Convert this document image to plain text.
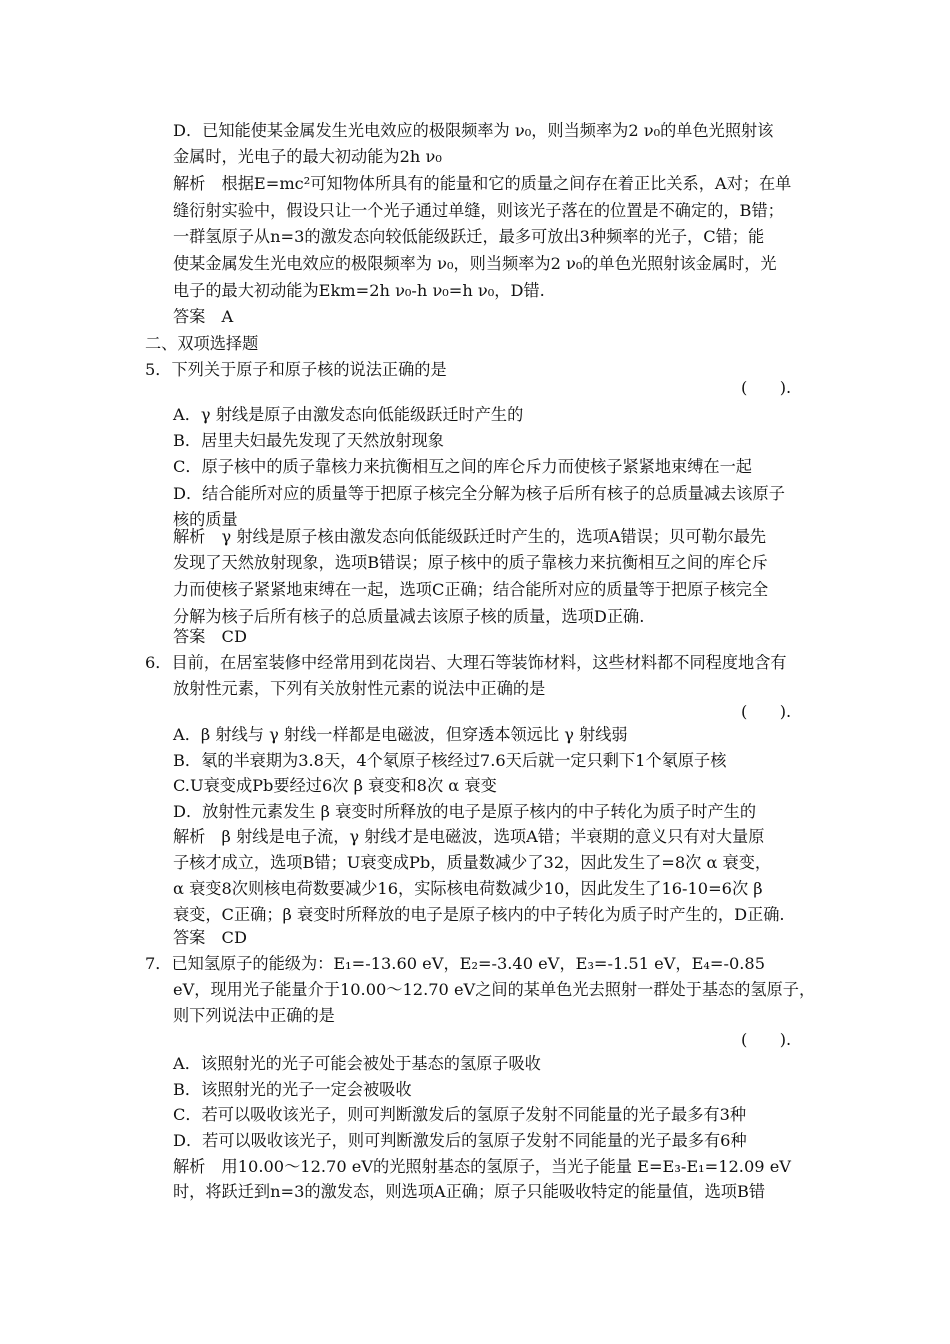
D．已知能使某金属发生光电效应的极限频率为 ν₀，则当频率为2 ν₀的单色光照射该
金属时，光电子的最大初动能为2h ν₀
解析　根据E=mc²可知物体所具有的能量和它的质量之间存在着正比关系，A对；在单
缝衍射实验中，假设只让一个光子通过单缝，则该光子落在的位置是不确定的，B错；
一群氢原子从n=3的激发态向较低能级跃迁，最多可放出3种频率的光子，C错；能
使某金属发生光电效应的极限频率为 ν₀，则当频率为2 ν₀的单色光照射该金属时，光
电子的最大初动能为Ekm=2h ν₀-h ν₀=h ν₀，D错.
答案　A
二、双项选择题
5．下列关于原子和原子核的说法正确的是
(　　).
A．γ 射线是原子由激发态向低能级跃迁时产生的
B．居里夫妇最先发现了天然放射现象
C．原子核中的质子靠核力来抗衡相互之间的库仑斥力而使核子紧紧地束缚在一起
D．结合能所对应的质量等于把原子核完全分解为核子后所有核子的总质量减去该原子
核的质量
解析　γ 射线是原子核由激发态向低能级跃迁时产生的，选项A错误；贝可勒尔最先
发现了天然放射现象，选项B错误；原子核中的质子靠核力来抗衡相互之间的库仑斥
力而使核子紧紧地束缚在一起，选项C正确；结合能所对应的质量等于把原子核完全
分解为核子后所有核子的总质量减去该原子核的质量，选项D正确.
答案　CD
6．目前，在居室装修中经常用到花岗岩、大理石等装饰材料，这些材料都不同程度地含有
放射性元素，下列有关放射性元素的说法中正确的是
(　　).
A．β 射线与 γ 射线一样都是电磁波，但穿透本领远比 γ 射线弱
B．氡的半衰期为3.8天，4个氡原子核经过7.6天后就一定只剩下1个氡原子核
C.U衰变成Pb要经过6次 β 衰变和8次 α 衰变
D．放射性元素发生 β 衰变时所释放的电子是原子核内的中子转化为质子时产生的
解析　β 射线是电子流，γ 射线才是电磁波，选项A错；半衰期的意义只有对大量原
子核才成立，选项B错；U衰变成Pb，质量数减少了32，因此发生了=8次 α 衰变，
α 衰变8次则核电荷数要减少16，实际核电荷数减少10，因此发生了16-10=6次 β
衰变，C正确；β 衰变时所释放的电子是原子核内的中子转化为质子时产生的，D正确.
答案　CD
7．已知氢原子的能级为：E₁=-13.60 eV，E₂=-3.40 eV，E₃=-1.51 eV，E₄=-0.85
eV，现用光子能量介于10.00～12.70 eV之间的某单色光去照射一群处于基态的氢原子，
则下列说法中正确的是
(　　).
A．该照射光的光子可能会被处于基态的氢原子吸收
B．该照射光的光子一定会被吸收
C．若可以吸收该光子，则可判断激发后的氢原子发射不同能量的光子最多有3种
D．若可以吸收该光子，则可判断激发后的氢原子发射不同能量的光子最多有6种
解析　用10.00～12.70 eV的光照射基态的氢原子，当光子能量 E=E₃-E₁=12.09 eV
时，将跃迁到n=3的激发态，则选项A正确；原子只能吸收特定的能量值，选项B错
